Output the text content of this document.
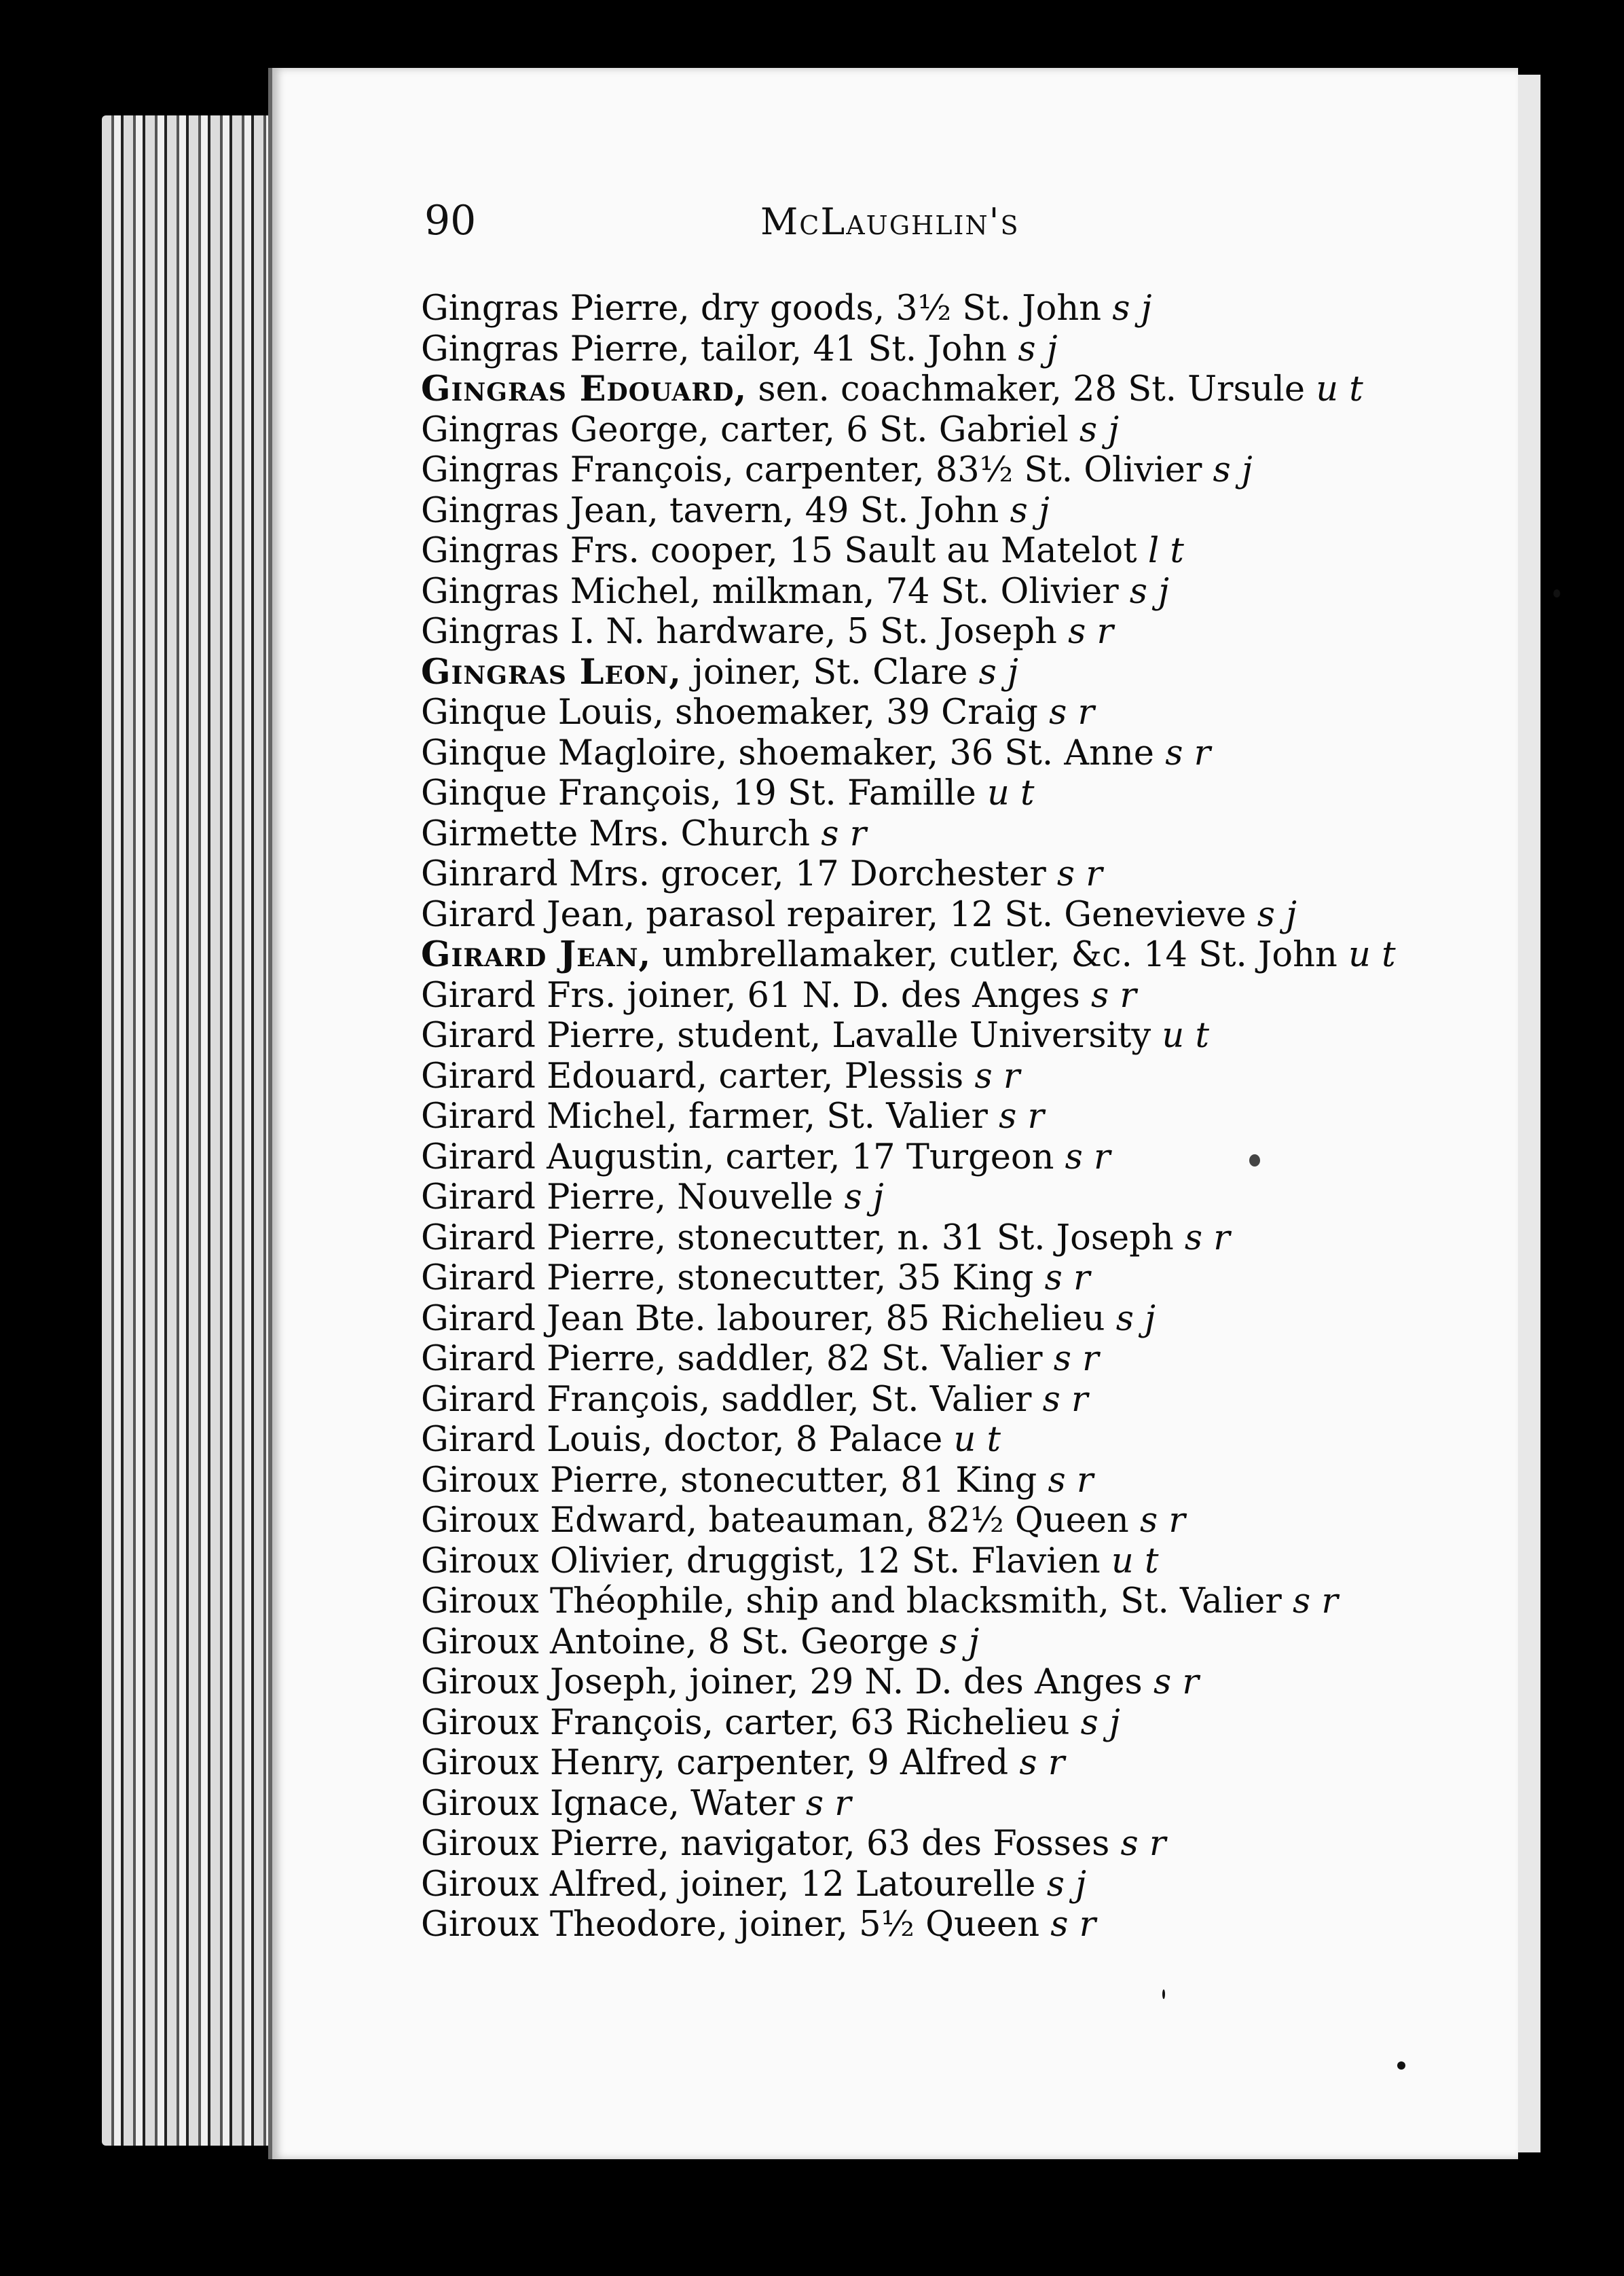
90	McLaughlin's
Gingras Pierre, dry goods, 3½ St. John s j
Gingras Pierre, tailor, 41 St. John s j
Gingras Edouard, sen. coachmaker, 28 St. Ursule u t
Gingras George, carter, 6 St. Gabriel s j
Gingras François, carpenter, 83½ St. Olivier s j
Gingras Jean, tavern, 49 St. John s j
Gingras Frs. cooper, 15 Sault au Matelot l t
Gingras Michel, milkman, 74 St. Olivier s j
Gingras I. N. hardware, 5 St. Joseph s r
Gingras Leon, joiner, St. Clare s j
Ginque Louis, shoemaker, 39 Craig s r
Ginque Magloire, shoemaker, 36 St. Anne s r
Ginque François, 19 St. Famille u t
Girmette Mrs. Church s r
Ginrard Mrs. grocer, 17 Dorchester s r
Girard Jean, parasol repairer, 12 St. Genevieve s j
Girard Jean, umbrellamaker, cutler, &c. 14 St. John u t
Girard Frs. joiner, 61 N. D. des Anges s r
Girard Pierre, student, Lavalle University u t
Girard Edouard, carter, Plessis s r
Girard Michel, farmer, St. Valier s r
Girard Augustin, carter, 17 Turgeon s r
Girard Pierre, Nouvelle s j
Girard Pierre, stonecutter, n. 31 St. Joseph s r
Girard Pierre, stonecutter, 35 King s r
Girard Jean Bte. labourer, 85 Richelieu s j
Girard Pierre, saddler, 82 St. Valier s r
Girard François, saddler, St. Valier s r
Girard Louis, doctor, 8 Palace u t
Giroux Pierre, stonecutter, 81 King s r
Giroux Edward, bateauman, 82½ Queen s r
Giroux Olivier, druggist, 12 St. Flavien u t
Giroux Théophile, ship and blacksmith, St. Valier s r
Giroux Antoine, 8 St. George s j
Giroux Joseph, joiner, 29 N. D. des Anges s r
Giroux François, carter, 63 Richelieu s j
Giroux Henry, carpenter, 9 Alfred s r
Giroux Ignace, Water s r
Giroux Pierre, navigator, 63 des Fosses s r
Giroux Alfred, joiner, 12 Latourelle s j
Giroux Theodore, joiner, 5½ Queen s r
